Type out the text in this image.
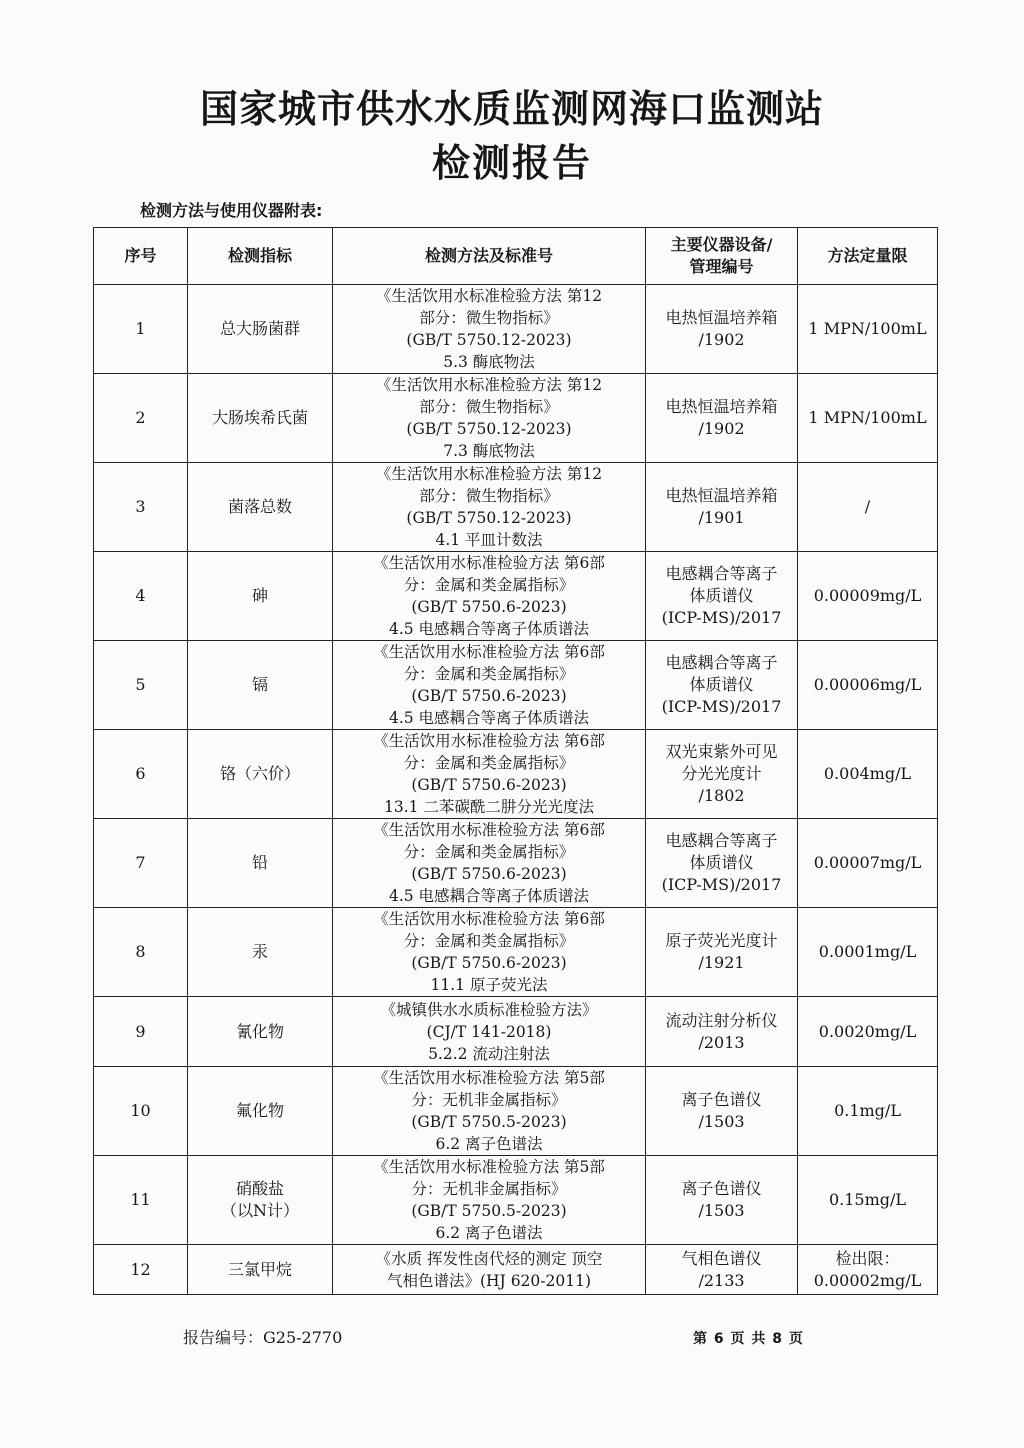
国家城市供水水质监测网海口监测站
检测报告
检测方法与使用仪器附表:
序号	检测指标	检测方法及标准号	主要仪器设备/
管理编号	方法定量限

1	总大肠菌群	《生活饮用水标准检验方法 第12
部分：微生物指标》
(GB/T 5750.12-2023)
5.3 酶底物法	电热恒温培养箱
/1902	1 MPN/100mL

2	大肠埃希氏菌	《生活饮用水标准检验方法 第12
部分：微生物指标》
(GB/T 5750.12-2023)
7.3 酶底物法	电热恒温培养箱
/1902	1 MPN/100mL

3	菌落总数	《生活饮用水标准检验方法 第12
部分：微生物指标》
(GB/T 5750.12-2023)
4.1 平皿计数法	电热恒温培养箱
/1901	/

4	砷	《生活饮用水标准检验方法 第6部
分：金属和类金属指标》
(GB/T 5750.6-2023)
4.5 电感耦合等离子体质谱法	电感耦合等离子
体质谱仪
(ICP-MS)/2017	0.00009mg/L

5	镉	《生活饮用水标准检验方法 第6部
分：金属和类金属指标》
(GB/T 5750.6-2023)
4.5 电感耦合等离子体质谱法	电感耦合等离子
体质谱仪
(ICP-MS)/2017	0.00006mg/L

6	铬（六价）	《生活饮用水标准检验方法 第6部
分：金属和类金属指标》
(GB/T 5750.6-2023)
13.1 二苯碳酰二肼分光光度法	双光束紫外可见
分光光度计
/1802	0.004mg/L

7	铅	《生活饮用水标准检验方法 第6部
分：金属和类金属指标》
(GB/T 5750.6-2023)
4.5 电感耦合等离子体质谱法	电感耦合等离子
体质谱仪
(ICP-MS)/2017	0.00007mg/L

8	汞	《生活饮用水标准检验方法 第6部
分：金属和类金属指标》
(GB/T 5750.6-2023)
11.1 原子荧光法	原子荧光光度计
/1921	0.0001mg/L

9	氰化物	《城镇供水水质标准检验方法》
(CJ/T 141-2018)
5.2.2 流动注射法	流动注射分析仪
/2013	0.0020mg/L

10	氟化物	《生活饮用水标准检验方法 第5部
分：无机非金属指标》
(GB/T 5750.5-2023)
6.2 离子色谱法	离子色谱仪
/1503	0.1mg/L

11	硝酸盐
（以N计）	《生活饮用水标准检验方法 第5部
分：无机非金属指标》
(GB/T 5750.5-2023)
6.2 离子色谱法	离子色谱仪
/1503	0.15mg/L

12	三氯甲烷	《水质 挥发性卤代烃的测定 顶空
气相色谱法》(HJ 620-2011)	气相色谱仪
/2133	检出限：
0.00002mg/L
报告编号：G25-2770	第 6 页 共 8 页
